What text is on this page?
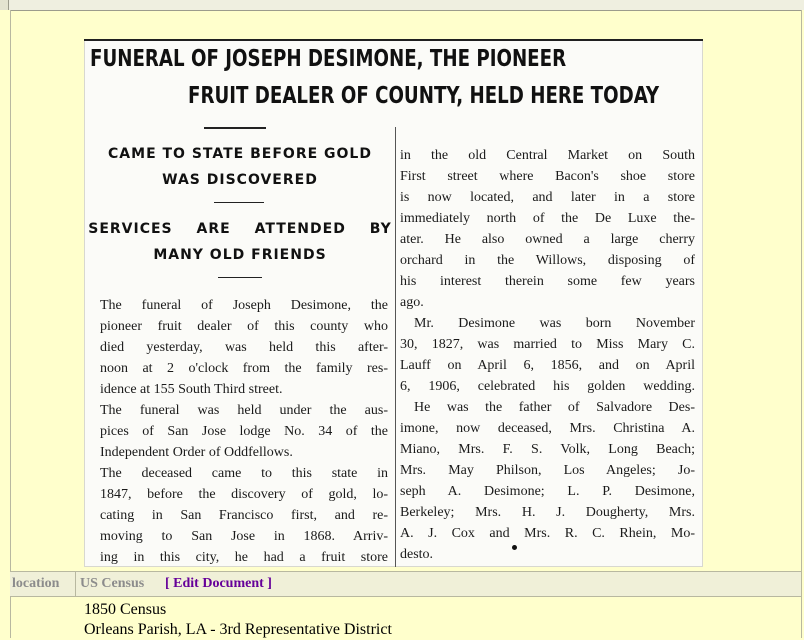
FUNERAL OF JOSEPH DESIMONE, THE PIONEER
FRUIT DEALER OF COUNTY, HELD HERE TODAY
CAME TO STATE BEFORE GOLD
WAS DISCOVERED
SERVICES ARE ATTENDED BY
MANY OLD FRIENDS
The funeral of Joseph Desimone, the
pioneer fruit dealer of this county who
died yesterday, was held this after-
noon at 2 o'clock from the family res-
idence at 155 South Third street.
The funeral was held under the aus-
pices of San Jose lodge No. 34 of the
Independent Order of Oddfellows.
The deceased came to this state in
1847, before the discovery of gold, lo-
cating in San Francisco first, and re-
moving to San Jose in 1868. Arriv-
ing in this city, he had a fruit store
in the old Central Market on South
First street where Bacon's shoe store
is now located, and later in a store
immediately north of the De Luxe the-
ater. He also owned a large cherry
orchard in the Willows, disposing of
his interest therein some few years
ago.
Mr. Desimone was born November
30, 1827, was married to Miss Mary C.
Lauff on April 6, 1856, and on April
6, 1906, celebrated his golden wedding.
He was the father of Salvadore Des-
imone, now deceased, Mrs. Christina A.
Miano, Mrs. F. S. Volk, Long Beach;
Mrs. May Philson, Los Angeles; Jo-
seph A. Desimone; L. P. Desimone,
Berkeley; Mrs. H. J. Dougherty, Mrs.
A. J. Cox and Mrs. R. C. Rhein, Mo-
desto.
location US Census [ Edit Document ]
1850 Census
Orleans Parish, LA - 3rd Representative District
